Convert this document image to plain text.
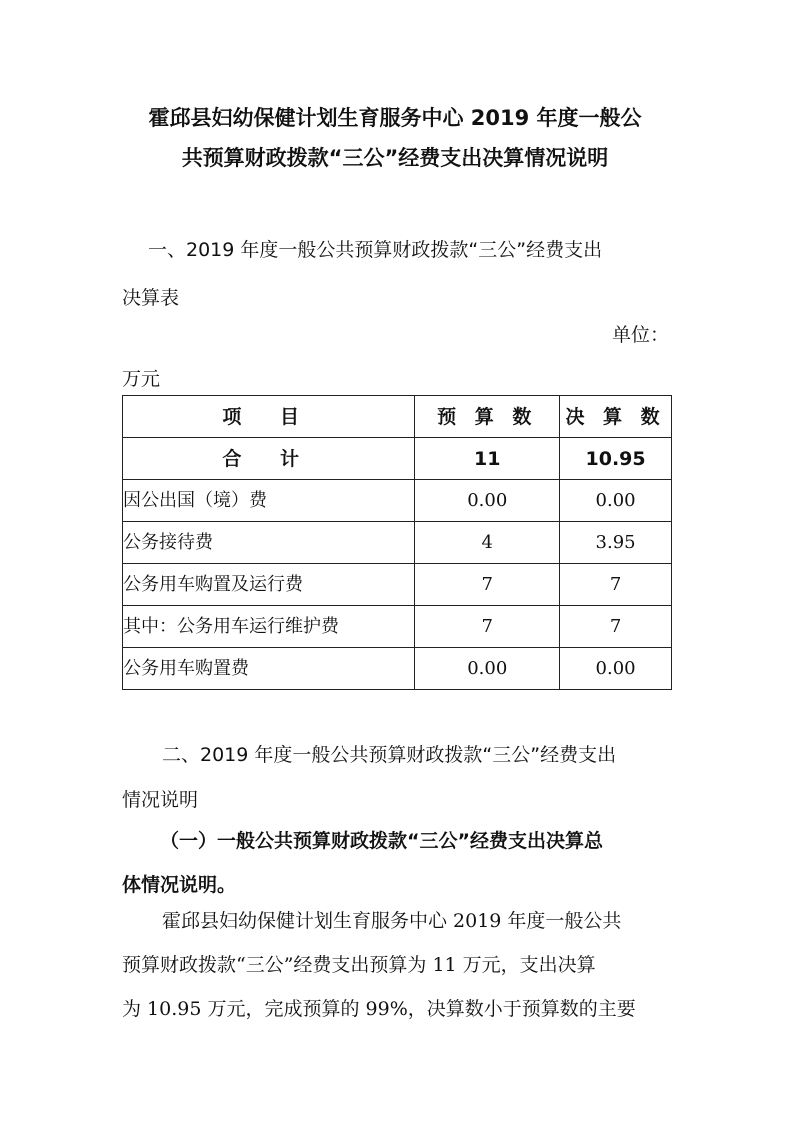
霍邱县妇幼保健计划生育服务中心 2019 年度一般公
共预算财政拨款“三公”经费支出决算情况说明
一、2019 年度一般公共预算财政拨款“三公”经费支出
决算表
单位：
万元
项 目	预 算 数	决 算 数
合 计	11	10.95
因公出国（境）费	0.00	0.00
公务接待费	4	3.95
公务用车购置及运行费	7	7
其中：公务用车运行维护费	7	7
公务用车购置费	0.00	0.00
二、2019 年度一般公共预算财政拨款“三公”经费支出
情况说明
（一）一般公共预算财政拨款“三公”经费支出决算总
体情况说明。
霍邱县妇幼保健计划生育服务中心 2019 年度一般公共
预算财政拨款“三公”经费支出预算为 11 万元，支出决算
为 10.95 万元，完成预算的 99%，决算数小于预算数的主要
